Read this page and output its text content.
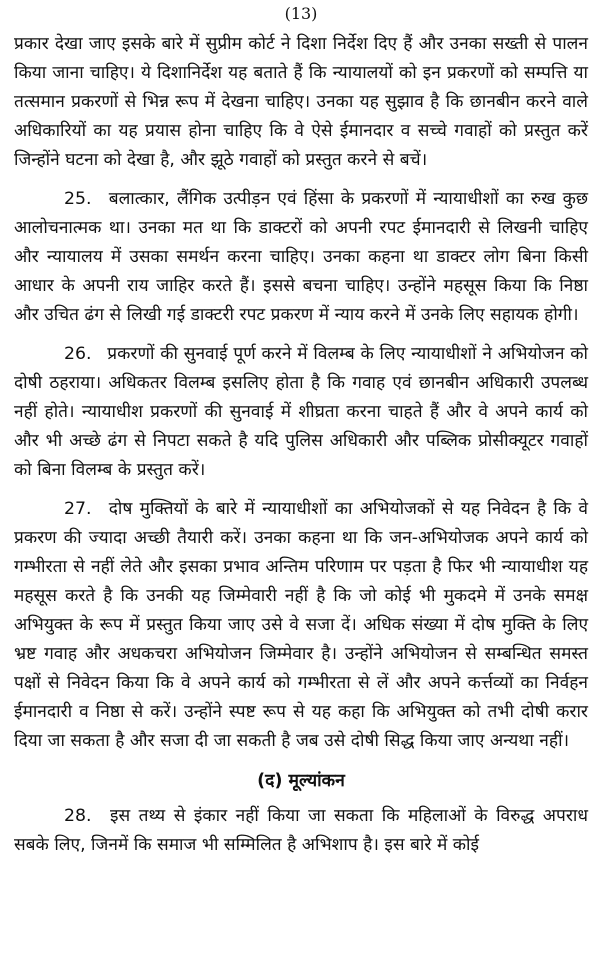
(13)

प्रकार देखा जाए इसके बारे में सुप्रीम कोर्ट ने दिशा निर्देश दिए हैं और उनका सख्ती से पालन किया जाना चाहिए। ये दिशानिर्देश यह बताते हैं कि न्यायालयों को इन प्रकरणों को सम्पत्ति या तत्समान प्रकरणों से भिन्न रूप में देखना चाहिए। उनका यह सुझाव है कि छानबीन करने वाले अधिकारियों का यह प्रयास होना चाहिए कि वे ऐसे ईमानदार व सच्चे गवाहों को प्रस्तुत करें जिन्होंने घटना को देखा है, और झूठे गवाहों को प्रस्तुत करने से बचें।

25. बलात्कार, लैंगिक उत्पीड़न एवं हिंसा के प्रकरणों में न्यायाधीशों का रुख कुछ आलोचनात्मक था। उनका मत था कि डाक्टरों को अपनी रपट ईमानदारी से लिखनी चाहिए और न्यायालय में उसका समर्थन करना चाहिए। उनका कहना था डाक्टर लोग बिना किसी आधार के अपनी राय जाहिर करते हैं। इससे बचना चाहिए। उन्होंने महसूस किया कि निष्ठा और उचित ढंग से लिखी गई डाक्टरी रपट प्रकरण में न्याय करने में उनके लिए सहायक होगी।

26. प्रकरणों की सुनवाई पूर्ण करने में विलम्ब के लिए न्यायाधीशों ने अभियोजन को दोषी ठहराया। अधिकतर विलम्ब इसलिए होता है कि गवाह एवं छानबीन अधिकारी उपलब्ध नहीं होते। न्यायाधीश प्रकरणों की सुनवाई में शीघ्रता करना चाहते हैं और वे अपने कार्य को और भी अच्छे ढंग से निपटा सकते है यदि पुलिस अधिकारी और पब्लिक प्रोसीक्यूटर गवाहों को बिना विलम्ब के प्रस्तुत करें।

27. दोष मुक्तियों के बारे में न्यायाधीशों का अभियोजकों से यह निवेदन है कि वे प्रकरण की ज्यादा अच्छी तैयारी करें। उनका कहना था कि जन-अभियोजक अपने कार्य को गम्भीरता से नहीं लेते और इसका प्रभाव अन्तिम परिणाम पर पड़ता है फिर भी न्यायाधीश यह महसूस करते है कि उनकी यह जिम्मेवारी नहीं है कि जो कोई भी मुकदमे में उनके समक्ष अभियुक्त के रूप में प्रस्तुत किया जाए उसे वे सजा दें। अधिक संख्या में दोष मुक्ति के लिए भ्रष्ट गवाह और अधकचरा अभियोजन जिम्मेवार है। उन्होंने अभियोजन से सम्बन्धित समस्त पक्षों से निवेदन किया कि वे अपने कार्य को गम्भीरता से लें और अपने कर्त्तव्यों का निर्वहन ईमानदारी व निष्ठा से करें। उन्होंने स्पष्ट रूप से यह कहा कि अभियुक्त को तभी दोषी करार दिया जा सकता है और सजा दी जा सकती है जब उसे दोषी सिद्ध किया जाए अन्यथा नहीं।

(द) मूल्यांकन

28. इस तथ्य से इंकार नहीं किया जा सकता कि महिलाओं के विरुद्ध अपराध सबके लिए, जिनमें कि समाज भी सम्मिलित है अभिशाप है। इस बारे में कोई
